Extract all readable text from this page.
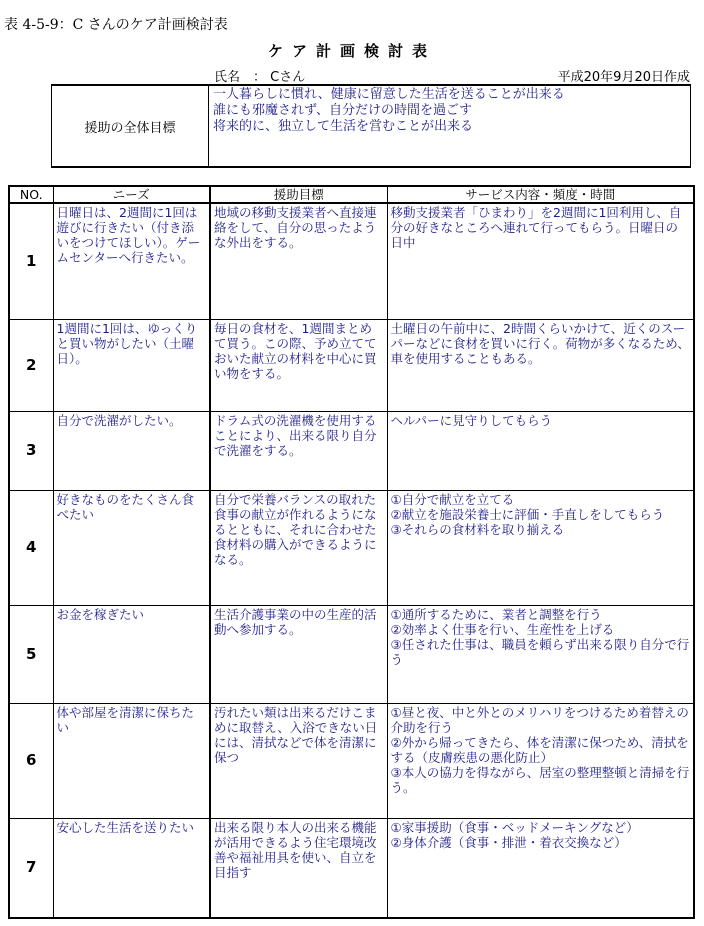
表 4-5-9：C さんのケア計画検討表
ケア計画検討表
氏名　： Cさん	平成20年9月20日作成
援助の全体目標
一人暮らしに慣れ、健康に留意した生活を送ることが出来る
誰にも邪魔されず、自分だけの時間を過ごす
将来的に、独立して生活を営むことが出来る
NO.	ニーズ	援助目標	サービス内容・頻度・時間
1	日曜日は、2週間に1回は遊びに行きたい（付き添いをつけてほしい）。ゲームセンターへ行きたい。	地域の移動支援業者へ直接連絡をして、自分の思ったような外出をする。	移動支援業者「ひまわり」を2週間に1回利用し、自分の好きなところへ連れて行ってもらう。日曜日の日中

2	1週間に1回は、ゆっくりと買い物がしたい（土曜日）。	毎日の食材を、1週間まとめて買う。この際、予め立てておいた献立の材料を中心に買い物をする。	土曜日の午前中に、2時間くらいかけて、近くのスーパーなどに食材を買いに行く。荷物が多くなるため、車を使用することもある。

3	自分で洗濯がしたい。	ドラム式の洗濯機を使用することにより、出来る限り自分で洗濯をする。	ヘルパーに見守りしてもらう

4	好きなものをたくさん食べたい	自分で栄養バランスの取れた食事の献立が作れるようになるとともに、それに合わせた食材料の購入ができるようになる。	①自分で献立を立てる
②献立を施設栄養士に評価・手直しをしてもらう
③それらの食材料を取り揃える

5	お金を稼ぎたい	生活介護事業の中の生産的活動へ参加する。	①通所するために、業者と調整を行う
②効率よく仕事を行い、生産性を上げる
③任された仕事は、職員を頼らず出来る限り自分で行う

6	体や部屋を清潔に保ちたい	汚れたい類は出来るだけこまめに取替え、入浴できない日には、清拭などで体を清潔に保つ	①昼と夜、中と外とのメリハリをつけるため着替えの介助を行う
②外から帰ってきたら、体を清潔に保つため、清拭をする（皮膚疾患の悪化防止）
③本人の協力を得ながら、居室の整理整頓と清掃を行う。

7	安心した生活を送りたい	出来る限り本人の出来る機能が活用できるよう住宅環境改善や福祉用具を使い、自立を目指す	①家事援助（食事・ベッドメーキングなど）
②身体介護（食事・排泄・着衣交換など）
